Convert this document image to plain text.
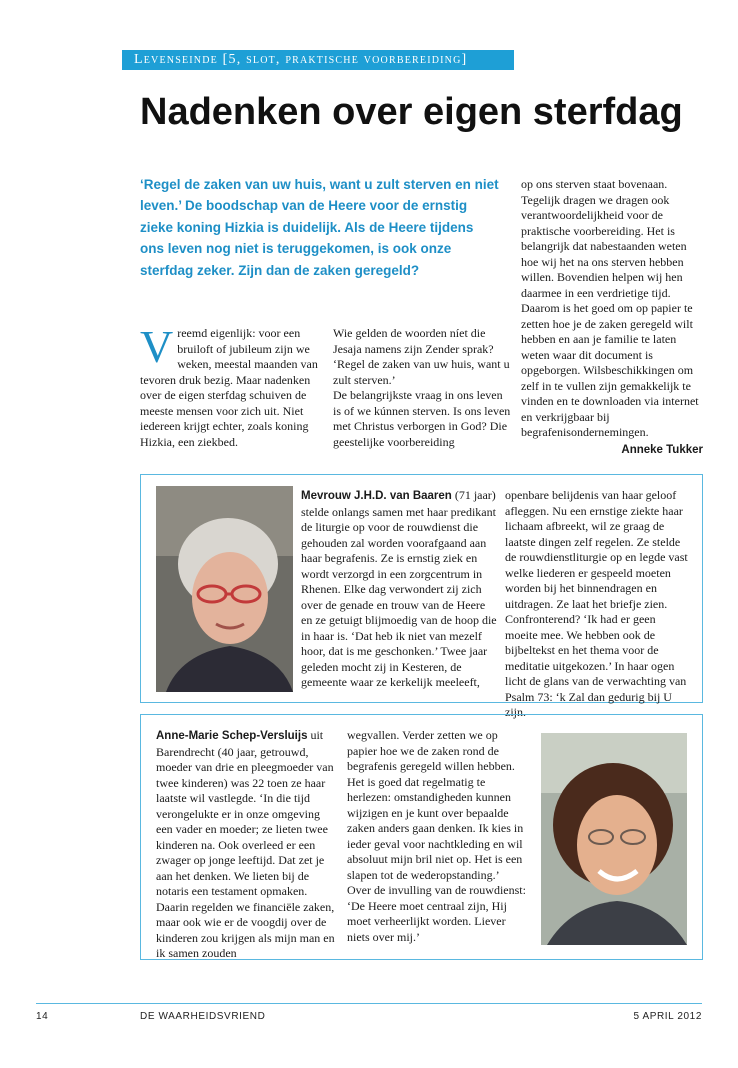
Levenseinde [5, slot, praktische voorbereiding]
Nadenken over eigen sterfdag
‘Regel de zaken van uw huis, want u zult sterven en niet leven.’ De boodschap van de Heere voor de ernstig zieke koning Hizkia is duidelijk. Als de Heere tijdens ons leven nog niet is teruggekomen, is ook onze sterfdag zeker. Zijn dan de zaken geregeld?
V reemd eigenlijk: voor een bruiloft of jubileum zijn we weken, meestal maanden van tevoren druk bezig. Maar nadenken over de eigen sterfdag schuiven de meeste mensen voor zich uit. Niet iedereen krijgt echter, zoals koning Hizkia, een ziekbed.

Wie gelden de woorden níet die Jesaja namens zijn Zender sprak? ‘Regel de zaken van uw huis, want u zult sterven.’

De belangrijkste vraag in ons leven is of we kúnnen sterven. Is ons leven met Christus verborgen in God? Die geestelijke voorbereiding

op ons sterven staat bovenaan. Tegelijk dragen we dragen ook verantwoordelijkheid voor de praktische voorbereiding. Het is belangrijk dat nabestaanden weten hoe wij het na ons sterven hebben willen. Bovendien helpen wij hen daarmee in een verdrietige tijd. Daarom is het goed om op papier te zetten hoe je de zaken geregeld wilt hebben en aan je familie te laten weten waar dit document is opgeborgen. Wilsbeschikkingen om zelf in te vullen zijn gemakkelijk te vinden en te downloaden via internet en verkrijgbaar bij begrafenisondernemingen.
Anneke Tukker
Mevrouw J.H.D. van Baaren (71 jaar) stelde onlangs samen met haar predikant de liturgie op voor de rouwdienst die gehouden zal worden voorafgaand aan haar begrafenis. Ze is ernstig ziek en wordt verzorgd in een zorgcentrum in Rhenen. Elke dag verwondert zij zich over de genade en trouw van de Heere en ze getuigt blijmoedig van de hoop die in haar is. ‘Dat heb ik niet van mezelf hoor, dat is me geschonken.’ Twee jaar geleden mocht zij in Kesteren, de gemeente waar ze kerkelijk meeleeft,
openbare belijdenis van haar geloof afleggen. Nu een ernstige ziekte haar lichaam afbreekt, wil ze graag de laatste dingen zelf regelen. Ze stelde de rouwdienstliturgie op en legde vast welke liederen er gespeeld moeten worden bij het binnendragen en uitdragen. Ze laat het briefje zien. Confronterend? ‘Ik had er geen moeite mee. We hebben ook de bijbeltekst en het thema voor de meditatie uitgekozen.’ In haar ogen licht de glans van de verwachting van Psalm 73: ‘k Zal dan gedurig bij U zijn.
Anne-Marie Schep-Versluijs uit Barendrecht (40 jaar, getrouwd, moeder van drie en pleegmoeder van twee kinderen) was 22 toen ze haar laatste wil vastlegde. ‘In die tijd verongelukte er in onze omgeving een vader en moeder; ze lieten twee kinderen na. Ook overleed er een zwager op jonge leeftijd. Dat zet je aan het denken. We lieten bij de notaris een testament opmaken. Daarin regelden we financiële zaken, maar ook wie er de voogdij over de kinderen zou krijgen als mijn man en ik samen zouden

wegvallen. Verder zetten we op papier hoe we de zaken rond de begrafenis geregeld willen hebben. Het is goed dat regelmatig te herlezen: omstandigheden kunnen wijzigen en je kunt over bepaalde zaken anders gaan denken. Ik kies in ieder geval voor nachtkleding en wil absoluut mijn bril niet op. Het is een slapen tot de wederopstanding.’

Over de invulling van de rouwdienst: ‘De Heere moet centraal zijn, Hij moet verheerlijkt worden. Liever niets over mij.’

14	DE WAARHEIDSVRIEND	5 APRIL 2012
